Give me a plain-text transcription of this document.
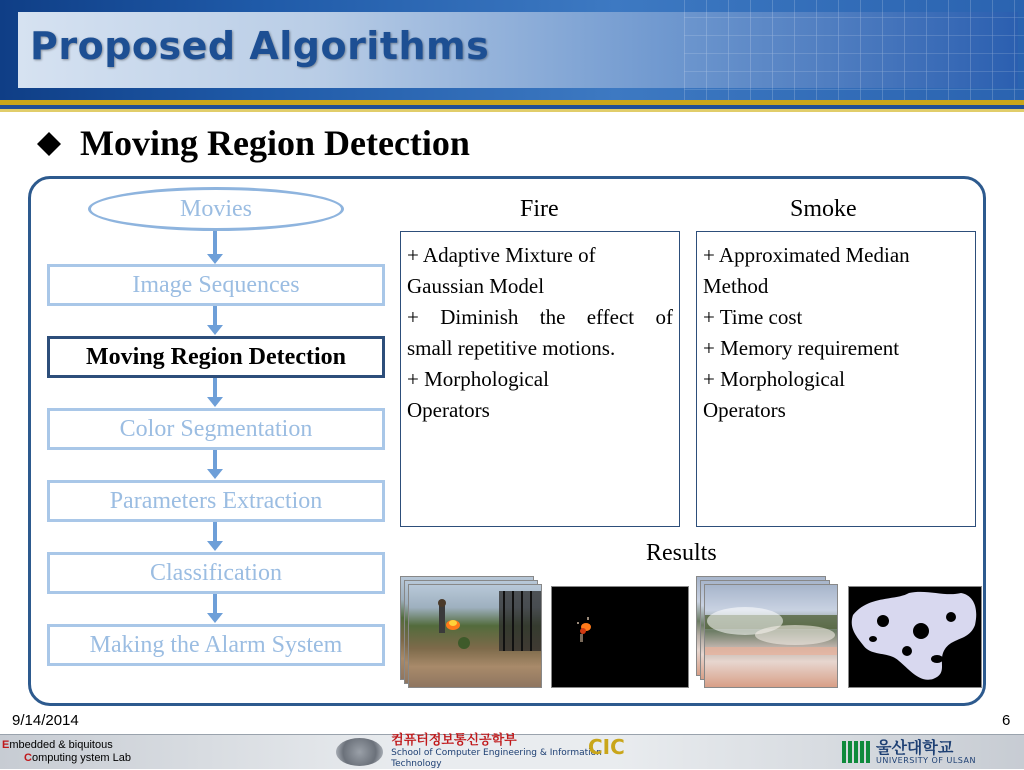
Proposed Algorithms
Moving Region Detection
Movies
Image Sequences
Moving Region Detection
Color Segmentation
Parameters Extraction
Classification
Making the Alarm System
Fire
+ Adaptive Mixture of
Gaussian Model
+ Diminish the effect of
small repetitive motions.
+ Morphological
Operators
Smoke
+ Approximated Median
Method
+ Time cost
+ Memory requirement
+ Morphological
Operators
Results
9/14/2014	6
Embedded & biquitous
Computing ystem Lab
컴퓨터정보통신공학부
School of Computer Engineering & Information Technology
CIC	울산대학교
UNIVERSITY OF ULSAN
